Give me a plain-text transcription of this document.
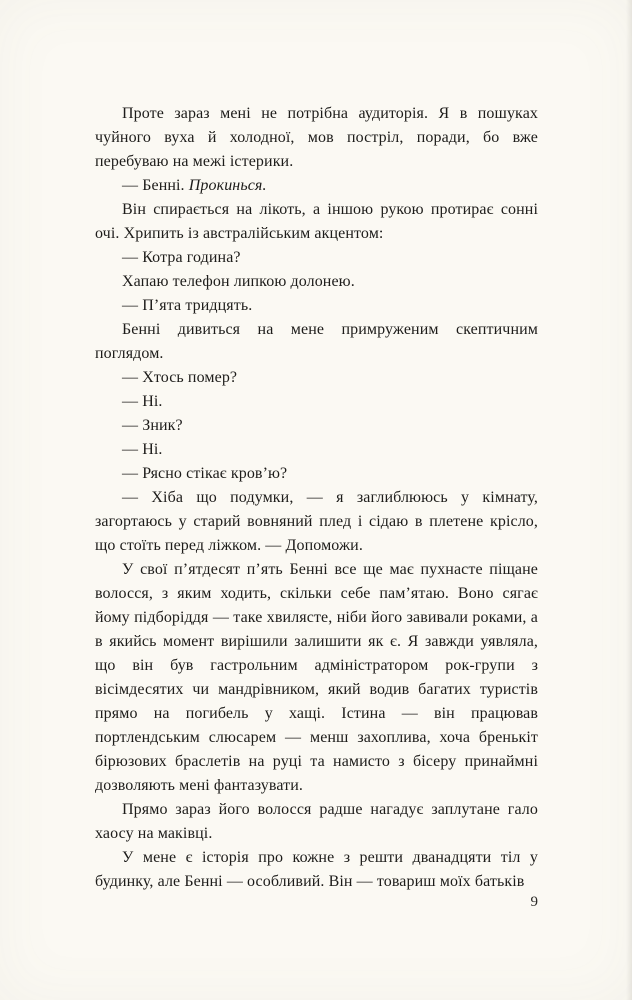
Проте зараз мені не потрібна аудиторія. Я в пошуках чуйного вуха й холодної, мов постріл, поради, бо вже перебуваю на межі істерики.

— Бенні. Прокинься.

Він спирається на лікоть, а іншою рукою протирає сонні очі. Хрипить із австралійським акцентом:

— Котра година?

Хапаю телефон липкою долонею.

— П’ята тридцять.

Бенні дивиться на мене примруженим скептичним поглядом.

— Хтось помер?

— Ні.

— Зник?

— Ні.

— Рясно стікає кров’ю?

— Хіба що подумки, — я заглиблююсь у кімнату, загортаюсь у старий вовняний плед і сідаю в плетене крісло, що стоїть перед ліжком. — Допоможи.

У свої п’ятдесят п’ять Бенні все ще має пухнасте піщане волосся, з яким ходить, скільки себе пам’ятаю. Воно сягає йому підборіддя — таке хвилясте, ніби його завивали роками, а в якийсь момент вирішили залишити як є. Я завжди уявляла, що він був гастрольним адміністратором рок-групи з вісімдесятих чи мандрівником, який водив багатих туристів прямо на погибель у хащі. Істина — він працював портлендським слюсарем — менш захоплива, хоча бренькіт бірюзових браслетів на руці та намисто з бісеру принаймні дозволяють мені фантазувати.

Прямо зараз його волосся радше нагадує заплутане гало хаосу на маківці.

У мене є історія про кожне з решти дванадцяти тіл у будинку, але Бенні — особливий. Він — товариш моїх батьків

9
